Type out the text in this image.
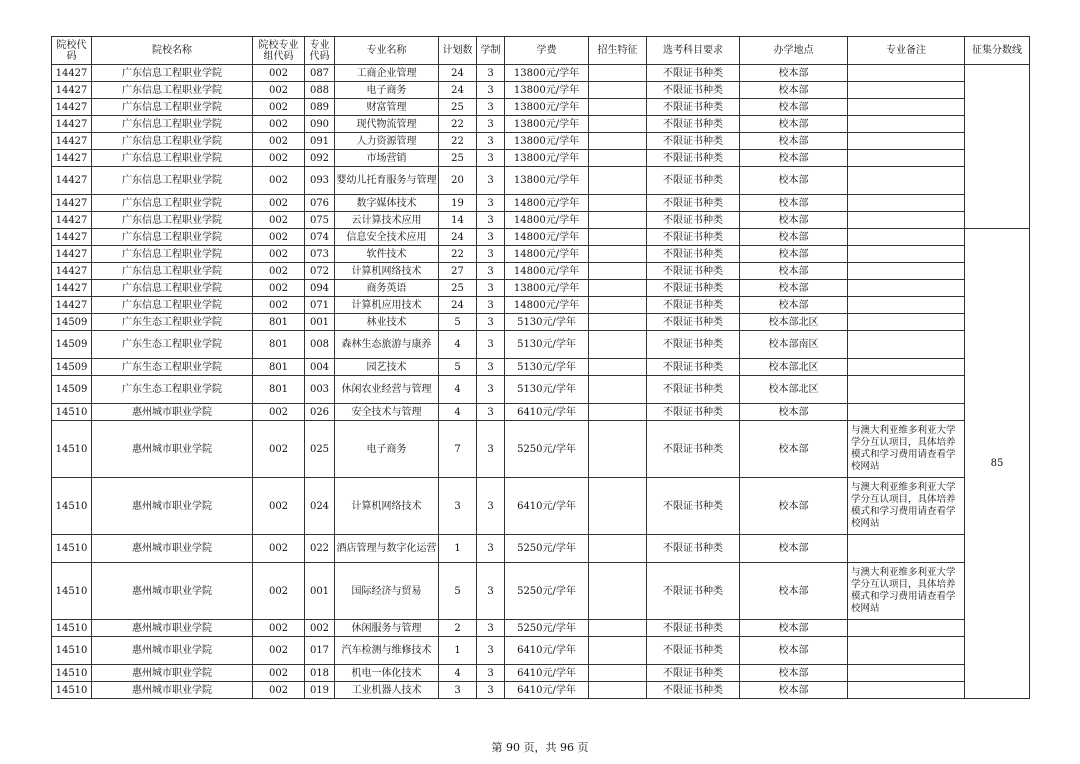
院校代码	院校名称	院校专业组代码	专业代码	专业名称	计划数	学制	学费	招生特征	选考科目要求	办学地点	专业备注	征集分数线
14427	广东信息工程职业学院	002	087	工商企业管理	24	3	13800元/学年		不限证书种类	校本部		
14427	广东信息工程职业学院	002	088	电子商务	24	3	13800元/学年		不限证书种类	校本部		
14427	广东信息工程职业学院	002	089	财富管理	25	3	13800元/学年		不限证书种类	校本部		
14427	广东信息工程职业学院	002	090	现代物流管理	22	3	13800元/学年		不限证书种类	校本部		
14427	广东信息工程职业学院	002	091	人力资源管理	22	3	13800元/学年		不限证书种类	校本部		
14427	广东信息工程职业学院	002	092	市场营销	25	3	13800元/学年		不限证书种类	校本部		
14427	广东信息工程职业学院	002	093	婴幼儿托育服务与管理	20	3	13800元/学年		不限证书种类	校本部		
14427	广东信息工程职业学院	002	076	数字媒体技术	19	3	14800元/学年		不限证书种类	校本部		
14427	广东信息工程职业学院	002	075	云计算技术应用	14	3	14800元/学年		不限证书种类	校本部		
14427	广东信息工程职业学院	002	074	信息安全技术应用	24	3	14800元/学年		不限证书种类	校本部		85
14427	广东信息工程职业学院	002	073	软件技术	22	3	14800元/学年		不限证书种类	校本部		
14427	广东信息工程职业学院	002	072	计算机网络技术	27	3	14800元/学年		不限证书种类	校本部		
14427	广东信息工程职业学院	002	094	商务英语	25	3	13800元/学年		不限证书种类	校本部		
14427	广东信息工程职业学院	002	071	计算机应用技术	24	3	14800元/学年		不限证书种类	校本部		
14509	广东生态工程职业学院	801	001	林业技术	5	3	5130元/学年		不限证书种类	校本部北区		
14509	广东生态工程职业学院	801	008	森林生态旅游与康养	4	3	5130元/学年		不限证书种类	校本部南区		
14509	广东生态工程职业学院	801	004	园艺技术	5	3	5130元/学年		不限证书种类	校本部北区		
14509	广东生态工程职业学院	801	003	休闲农业经营与管理	4	3	5130元/学年		不限证书种类	校本部北区		
14510	惠州城市职业学院	002	026	安全技术与管理	4	3	6410元/学年		不限证书种类	校本部		
14510	惠州城市职业学院	002	025	电子商务	7	3	5250元/学年		不限证书种类	校本部	与澳大利亚维多利亚大学学分互认项目，具体培养模式和学习费用请查看学校网站	
14510	惠州城市职业学院	002	024	计算机网络技术	3	3	6410元/学年		不限证书种类	校本部	与澳大利亚维多利亚大学学分互认项目，具体培养模式和学习费用请查看学校网站	
14510	惠州城市职业学院	002	022	酒店管理与数字化运营	1	3	5250元/学年		不限证书种类	校本部		
14510	惠州城市职业学院	002	001	国际经济与贸易	5	3	5250元/学年		不限证书种类	校本部	与澳大利亚维多利亚大学学分互认项目，具体培养模式和学习费用请查看学校网站	
14510	惠州城市职业学院	002	002	休闲服务与管理	2	3	5250元/学年		不限证书种类	校本部		
14510	惠州城市职业学院	002	017	汽车检测与维修技术	1	3	6410元/学年		不限证书种类	校本部		
14510	惠州城市职业学院	002	018	机电一体化技术	4	3	6410元/学年		不限证书种类	校本部		
14510	惠州城市职业学院	002	019	工业机器人技术	3	3	6410元/学年		不限证书种类	校本部		
第 90 页，共 96 页
